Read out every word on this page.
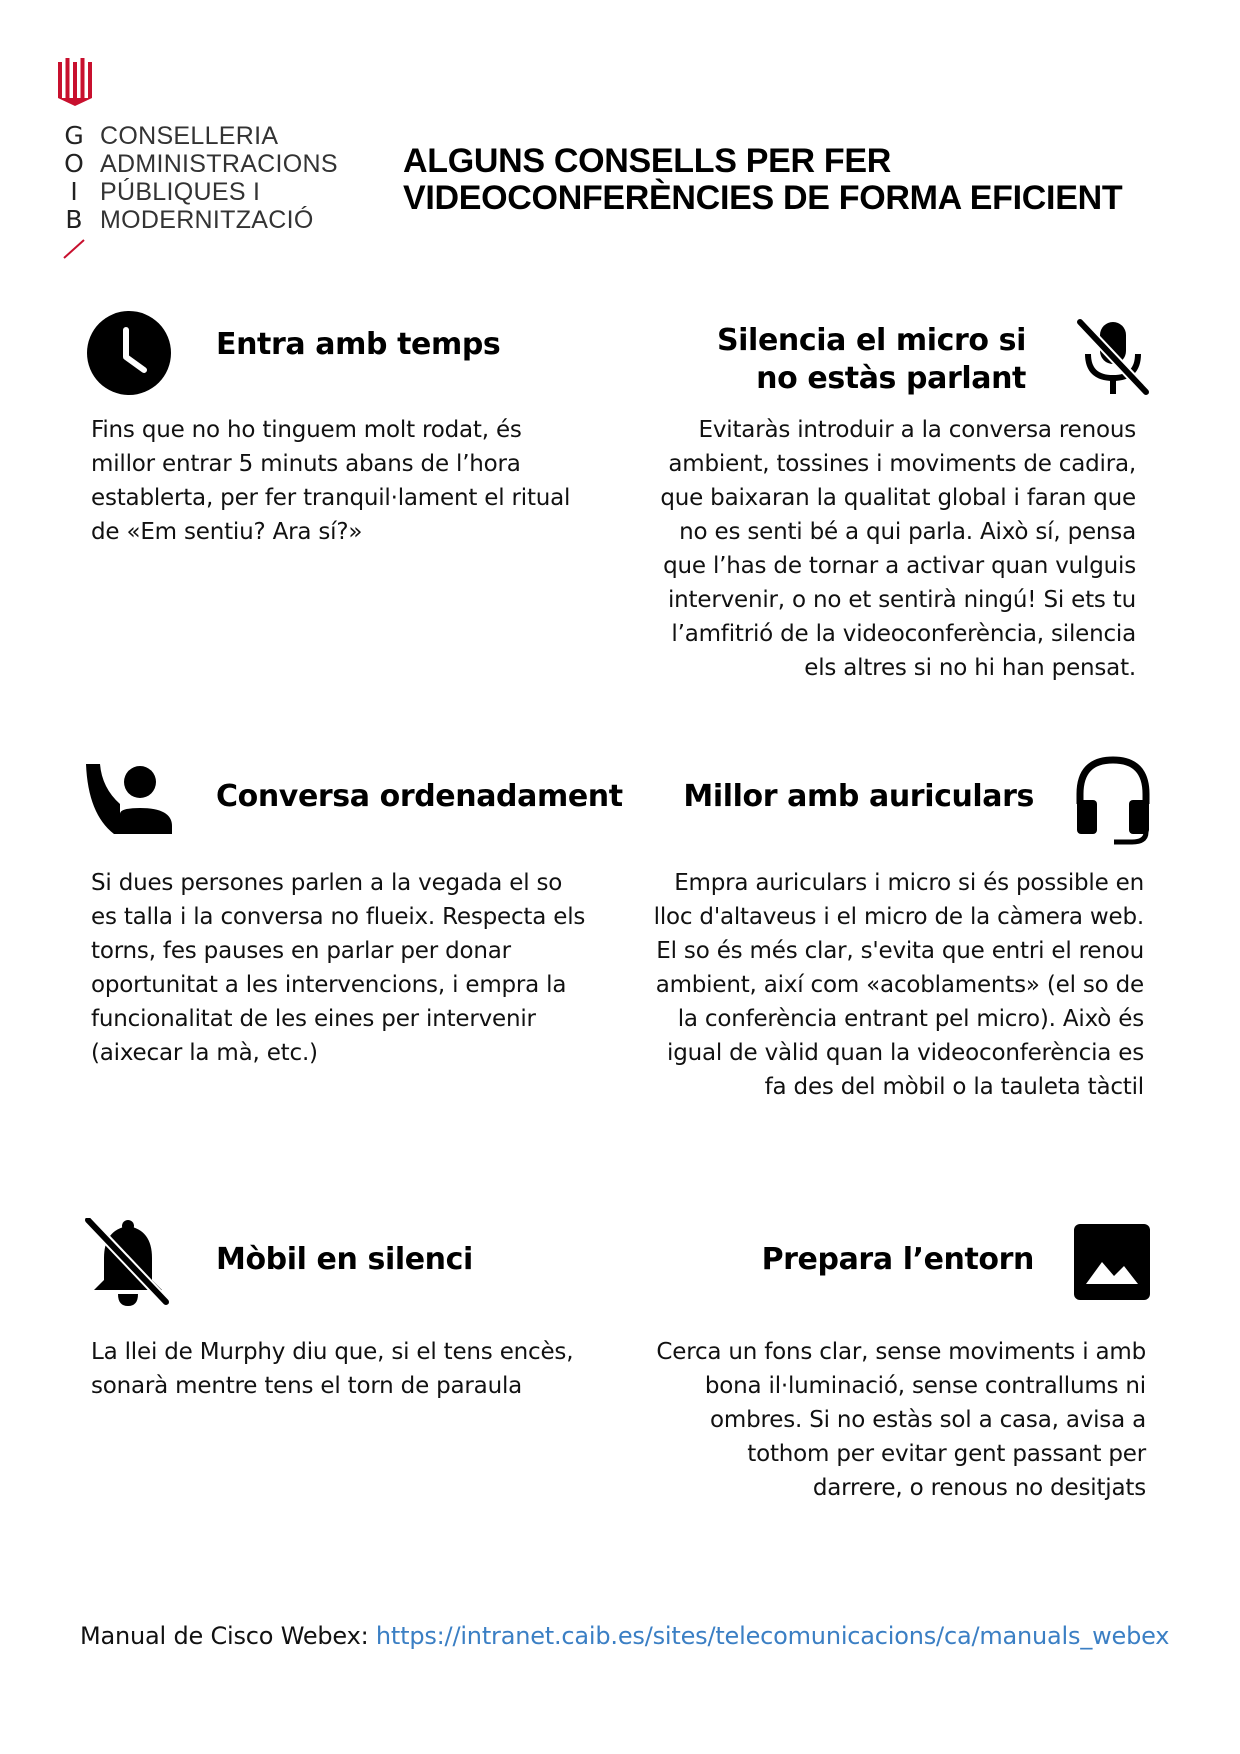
G
O
I
B
CONSELLERIA
ADMINISTRACIONS
PÚBLIQUES I
MODERNITZACIÓ
ALGUNS CONSELLS PER FER
VIDEOCONFERÈNCIES DE FORMA EFICIENT
Entra amb temps
Fins que no ho tinguem molt rodat, és
millor entrar 5 minuts abans de l’hora
establerta, per fer tranquil·lament el ritual
de «Em sentiu? Ara sí?»
Silencia el micro si
no estàs parlant
Evitaràs introduir a la conversa renous
ambient, tossines i moviments de cadira,
que baixaran la qualitat global i faran que
no es senti bé a qui parla. Això sí, pensa
que l’has de tornar a activar quan vulguis
intervenir, o no et sentirà ningú! Si ets tu
l’amfitrió de la videoconferència, silencia
els altres si no hi han pensat.
Conversa ordenadament
Si dues persones parlen a la vegada el so
es talla i la conversa no flueix. Respecta els
torns, fes pauses en parlar per donar
oportunitat a les intervencions, i empra la
funcionalitat de les eines per intervenir
(aixecar la mà, etc.)
Millor amb auriculars
Empra auriculars i micro si és possible en
lloc d'altaveus i el micro de la càmera web.
El so és més clar, s'evita que entri el renou
ambient, així com «acoblaments» (el so de
la conferència entrant pel micro). Això és
igual de vàlid quan la videoconferència es
fa des del mòbil o la tauleta tàctil
Mòbil en silenci
La llei de Murphy diu que, si el tens encès,
sonarà mentre tens el torn de paraula
Prepara l’entorn
Cerca un fons clar, sense moviments i amb
bona il·luminació, sense contrallums ni
ombres. Si no estàs sol a casa, avisa a
tothom per evitar gent passant per
darrere, o renous no desitjats
Manual de Cisco Webex: https://intranet.caib.es/sites/telecomunicacions/ca/manuals_webex
